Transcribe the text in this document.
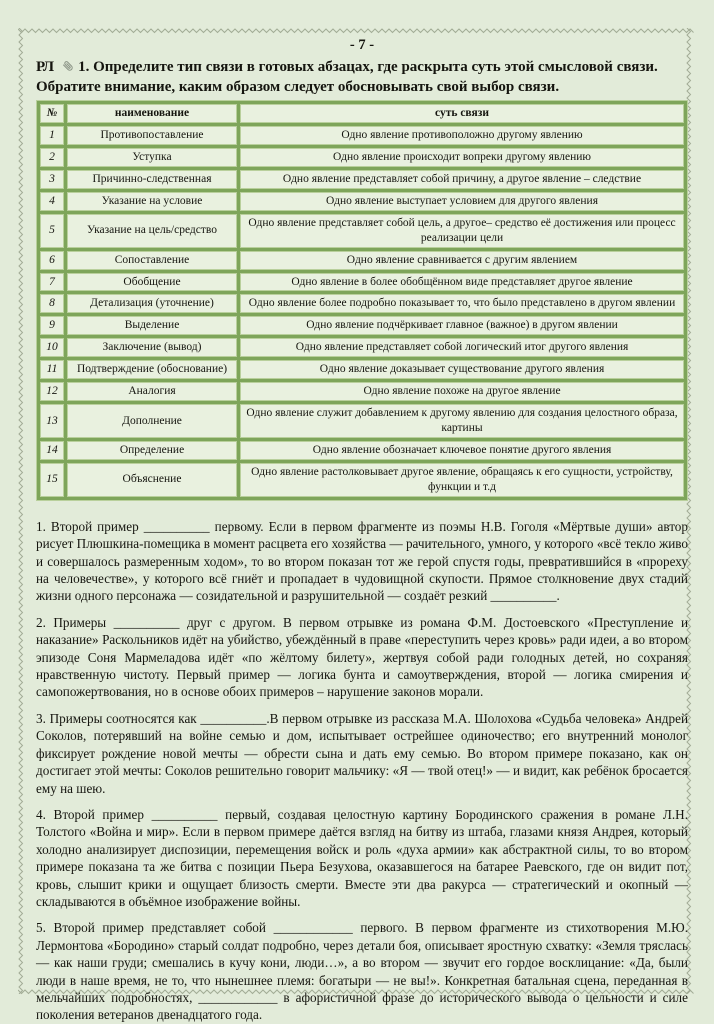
- 7 -

РЛ 1. Определите тип связи в готовых абзацах, где раскрыта суть этой смысловой связи.

Обратите внимание, каким образом следует обосновывать свой выбор связи.

№	наименование	суть связи
1	Противопоставление	Одно явление противоположно другому явлению
2	Уступка	Одно явление происходит вопреки другому явлению
3	Причинно-следственная	Одно явление представляет собой причину, а другое явление – следствие
4	Указание на условие	Одно явление выступает условием для другого явления
5	Указание на цель/средство	Одно явление представляет собой цель, а другое– средство её достижения или процесс реализации цели
6	Сопоставление	Одно явление сравнивается с другим явлением
7	Обобщение	Одно явление в более обобщённом виде представляет другое явление
8	Детализация (уточнение)	Одно явление более подробно показывает то, что было представлено в другом явлении
9	Выделение	Одно явление подчёркивает главное (важное) в другом явлении
10	Заключение (вывод)	Одно явление представляет собой логический итог другого явления
11	Подтверждение (обоснование)	Одно явление доказывает существование другого явления
12	Аналогия	Одно явление похоже на другое явление
13	Дополнение	Одно явление служит добавлением к другому явлению для создания целостного образа, картины
14	Определение	Одно явление обозначает ключевое понятие другого явления
15	Объяснение	Одно явление растолковывает другое явление, обращаясь к его сущности, устройству, функции и т.д

1. Второй пример __________ первому. Если в первом фрагменте из поэмы Н.В. Гоголя «Мёртвые души» автор рисует Плюшкина-помещика в момент расцвета его хозяйства — рачительного, умного, у которого «всё текло живо и совершалось размеренным ходом», то во втором показан тот же герой спустя годы, превратившийся в «прореху на человечестве», у которого всё гниёт и пропадает в чудовищной скупости. Прямое столкновение двух стадий жизни одного персонажа — созидательной и разрушительной — создаёт резкий __________.

2. Примеры __________ друг с другом. В первом отрывке из романа Ф.М. Достоевского «Преступление и наказание» Раскольников идёт на убийство, убеждённый в праве «переступить через кровь» ради идеи, а во втором эпизоде Соня Мармеладова идёт «по жёлтому билету», жертвуя собой ради голодных детей, но сохраняя нравственную чистоту. Первый пример — логика бунта и самоутверждения, второй — логика смирения и самопожертвования, но в основе обоих примеров – нарушение законов морали.

3. Примеры соотносятся как __________.В первом отрывке из рассказа М.А. Шолохова «Судьба человека» Андрей Соколов, потерявший на войне семью и дом, испытывает острейшее одиночество; его внутренний монолог фиксирует рождение новой мечты — обрести сына и дать ему семью. Во втором примере показано, как он достигает этой мечты: Соколов решительно говорит мальчику: «Я — твой отец!» — и видит, как ребёнок бросается ему на шею.

4. Второй пример __________ первый, создавая целостную картину Бородинского сражения в романе Л.Н. Толстого «Война и мир». Если в первом примере даётся взгляд на битву из штаба, глазами князя Андрея, который холодно анализирует диспозиции, перемещения войск и роль «духа армии» как абстрактной силы, то во втором примере показана та же битва с позиции Пьера Безухова, оказавшегося на батарее Раевского, где он видит пот, кровь, слышит крики и ощущает близость смерти. Вместе эти два ракурса — стратегический и окопный — складываются в объёмное изображение войны.

5. Второй пример представляет собой ____________ первого. В первом фрагменте из стихотворения М.Ю. Лермонтова «Бородино» старый солдат подробно, через детали боя, описывает яростную схватку: «Земля тряслась — как наши груди; смешались в кучу кони, люди…», а во втором — звучит его гордое восклицание: «Да, были люди в наше время, не то, что нынешнее племя: богатыри — не вы!». Конкретная батальная сцена, переданная в мельчайших подробностях, ____________ в афористичной фразе до исторического вывода о цельности и силе поколения ветеранов двенадцатого года.
